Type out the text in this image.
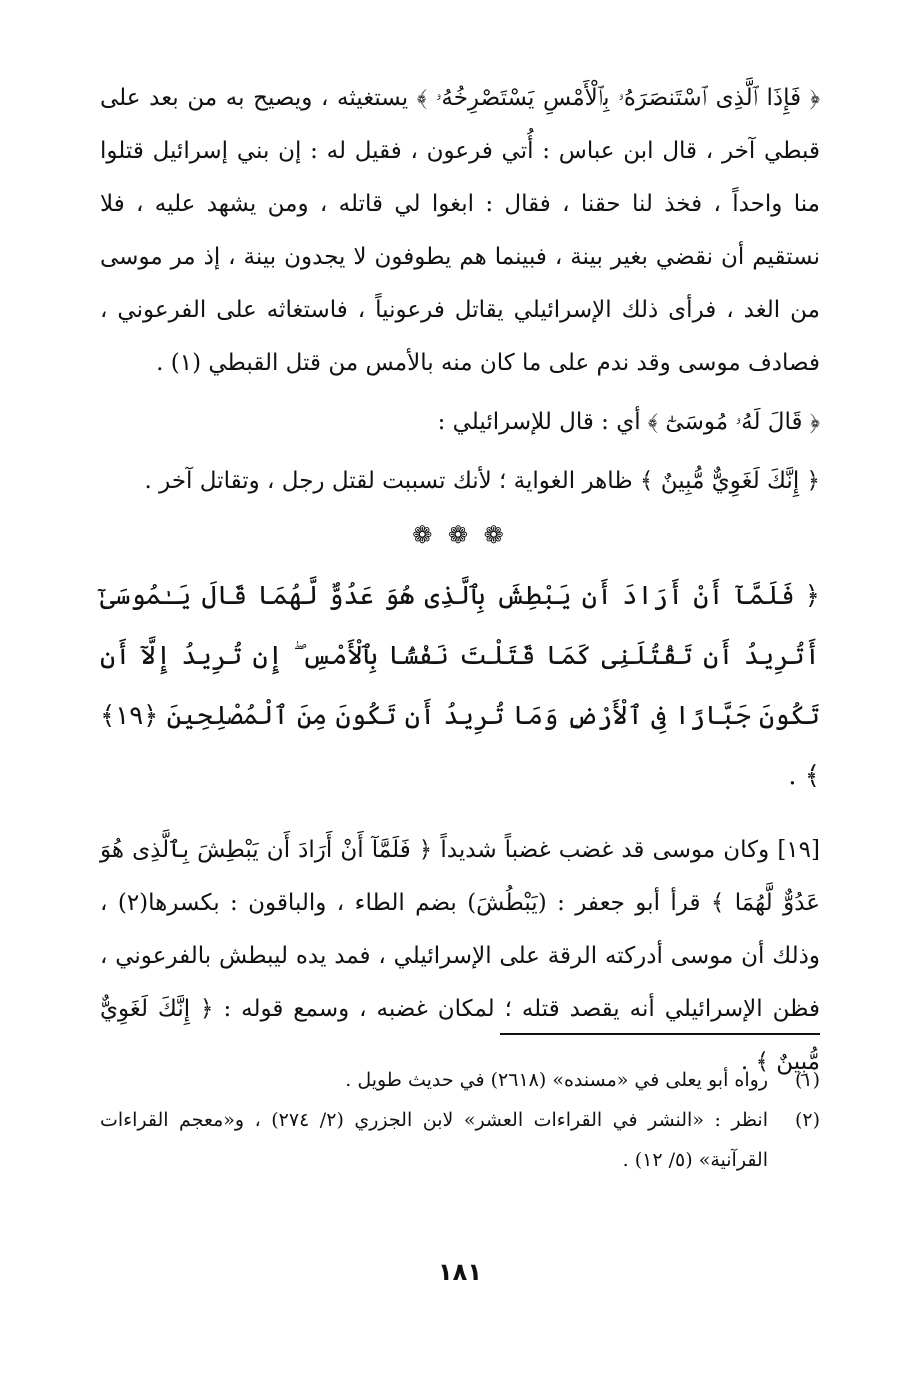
﴿ فَإِذَا ٱلَّذِى ٱسْتَنصَرَهُۥ بِٱلْأَمْسِ يَسْتَصْرِخُهُۥ ﴾ يستغيثه ، ويصيح به من بعد على قبطي آخر ، قال ابن عباس : أُتي فرعون ، فقيل له : إن بني إسرائيل قتلوا منا واحداً ، فخذ لنا حقنا ، فقال : ابغوا لي قاتله ، ومن يشهد عليه ، فلا نستقيم أن نقضي بغير بينة ، فبينما هم يطوفون لا يجدون بينة ، إذ مر موسى من الغد ، فرأى ذلك الإسرائيلي يقاتل فرعونياً ، فاستغاثه على الفرعوني ، فصادف موسى وقد ندم على ما كان منه بالأمس من قتل القبطي (١) .

﴿ قَالَ لَهُۥ مُوسَىٰٓ ﴾ أي : قال للإسرائيلي :

﴿ إِنَّكَ لَغَوِيٌّ مُّبِينٌ ﴾ ظاهر الغواية ؛ لأنك تسببت لقتل رجل ، وتقاتل آخر .

❁ ❁ ❁

﴿ فَلَمَّآ أَنْ أَرَادَ أَن يَبْطِشَ بِٱلَّذِى هُوَ عَدُوٌّ لَّهُمَا قَالَ يَـٰمُوسَىٰٓ أَتُرِيدُ أَن تَقْتُلَنِى كَمَا قَتَلْتَ نَفْسًۢا بِٱلْأَمْسِ ۖ إِن تُرِيدُ إِلَّآ أَن تَكُونَ جَبَّارًا فِى ٱلْأَرْضِ وَمَا تُرِيدُ أَن تَكُونَ مِنَ ٱلْمُصْلِحِينَ ﴿١٩﴾ ﴾ .

[١٩] وكان موسى قد غضب غضباً شديداً ﴿ فَلَمَّآ أَنْ أَرَادَ أَن يَبْطِشَ بِٱلَّذِى هُوَ عَدُوٌّ لَّهُمَا ﴾ قرأ أبو جعفر : (يَبْطُشَ) بضم الطاء ، والباقون : بكسرها(٢) ، وذلك أن موسى أدركته الرقة على الإسرائيلي ، فمد يده ليبطش بالفرعوني ، فظن الإسرائيلي أنه يقصد قتله ؛ لمكان غضبه ، وسمع قوله : ﴿ إِنَّكَ لَغَوِيٌّ مُّبِينٌ ﴾ .

(١)
رواه أبو يعلى في «مسنده» (٢٦١٨) في حديث طويل .
(٢)
انظر : «النشر في القراءات العشر» لابن الجزري (٢/ ٢٧٤) ، و«معجم القراءات القرآنية» (٥/ ١٢) .
١٨١
